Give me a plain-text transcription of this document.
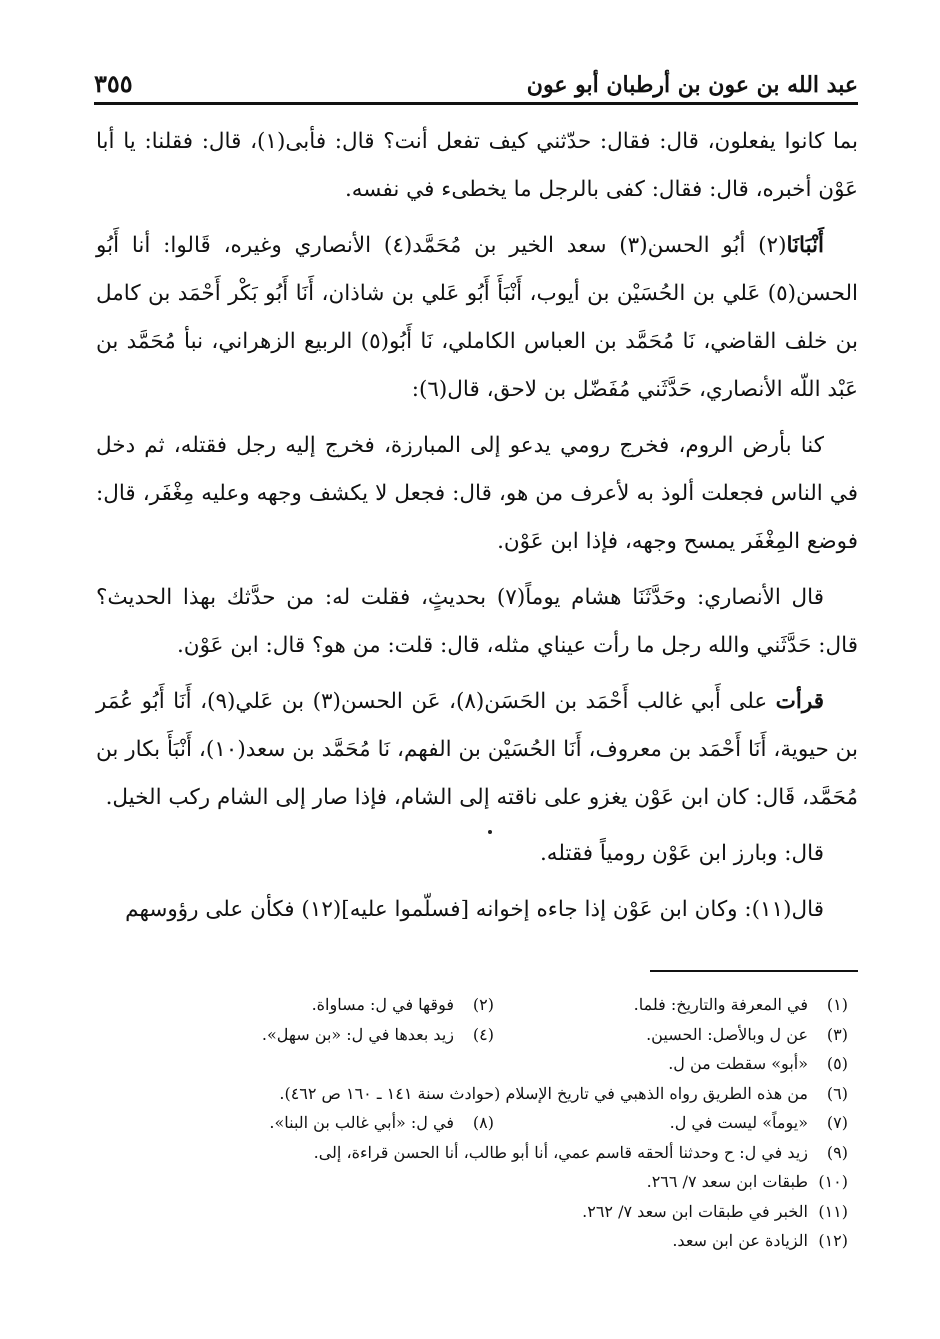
عبد الله بن عون بن أرطبان أبو عون
٣٥٥

بما كانوا يفعلون، قال: فقال: حدّثني كيف تفعل أنت؟ قال: فأبى(١)، قال: فقلنا: يا أبا عَوْن أخبره، قال: فقال: كفى بالرجل ما يخطىء في نفسه.

أَنْبَانَا(٢) أبُو الحسن(٣) سعد الخير بن مُحَمَّد(٤) الأنصاري وغيره، قَالوا: أنا أَبُو الحسن(٥) عَلي بن الحُسَيْن بن أيوب، أَنْبَأَ أَبُو عَلي بن شاذان، أَنَا أَبُو بَكْر أَحْمَد بن كامل بن خلف القاضي، نَا مُحَمَّد بن العباس الكاملي، نَا أَبُو(٥) الربيع الزهراني، نبأ مُحَمَّد بن عَبْد اللّه الأنصاري، حَدَّثَني مُفَضّل بن لاحق، قال(٦):

كنا بأرض الروم، فخرج رومي يدعو إلى المبارزة، فخرج إليه رجل فقتله، ثم دخل في الناس فجعلت ألوذ به لأعرف من هو، قال: فجعل لا يكشف وجهه وعليه مِغْفَر، قال: فوضع المِغْفَر يمسح وجهه، فإذا ابن عَوْن.

قال الأنصاري: وحَدَّثَنَا هشام يوماً(٧) بحديثٍ، فقلت له: من حدَّثك بهذا الحديث؟ قال: حَدَّثَني والله رجل ما رأت عيناي مثله، قال: قلت: من هو؟ قال: ابن عَوْن.

قرأت على أَبي غالب أَحْمَد بن الحَسَن(٨)، عَن الحسن(٣) بن عَلي(٩)، أَنَا أَبُو عُمَر بن حيوية، أَنَا أَحْمَد بن معروف، أَنَا الحُسَيْن بن الفهم، نَا مُحَمَّد بن سعد(١٠)، أَنْبَأَ بكار بن مُحَمَّد، قَال: كان ابن عَوْن يغزو على ناقته إلى الشام، فإذا صار إلى الشام ركب الخيل.

قال: وبارز ابن عَوْن رومياً فقتله.

قال(١١): وكان ابن عَوْن إذا جاءه إخوانه [فسلّموا عليه](١٢) فكأن على رؤوسهم

(١)
في المعرفة والتاريخ: فلما.
(٢)
فوقها في ل: مساواة.
(٣)
عن ل وبالأصل: الحسين.
(٤)
زيد بعدها في ل: «بن سهل».
(٥)
«أبو» سقطت من ل.
(٦)
من هذه الطريق رواه الذهبي في تاريخ الإسلام (حوادث سنة ١٤١ ـ ١٦٠ ص ٤٦٢).
(٧)
«يوماً» ليست في ل.
(٨)
في ل: «أبي غالب بن البنا».
(٩)
زيد في ل: ح وحدثنا ألحقه قاسم عمي، أنا أبو طالب، أنا الحسن قراءة، إلى.
(١٠)
طبقات ابن سعد ٧/ ٢٦٦.
(١١)
الخبر في طبقات ابن سعد ٧/ ٢٦٢.
(١٢)
الزيادة عن ابن سعد.
